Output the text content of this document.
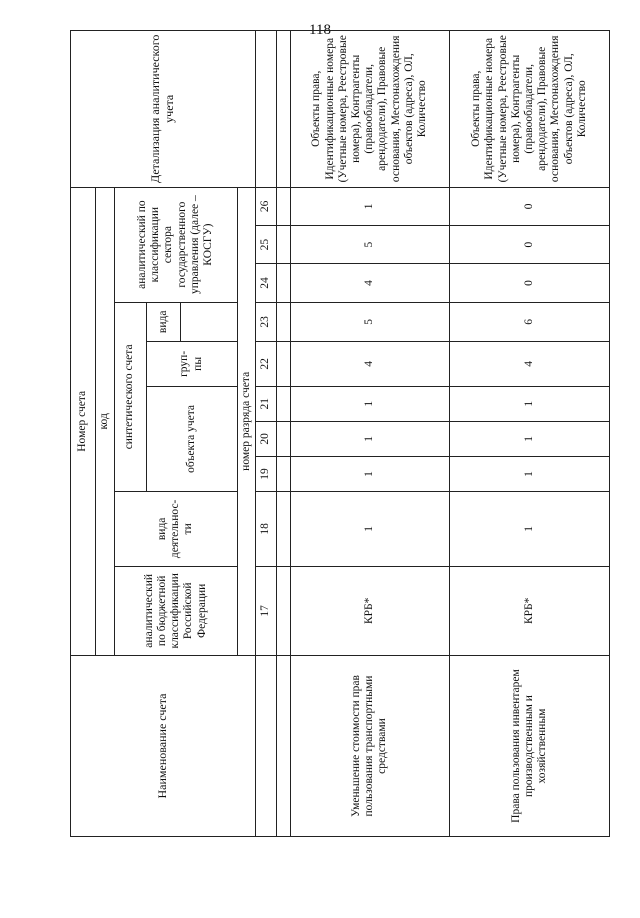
118
Наименование счета	Номер счета										Детализация аналитического учета
	код										
	аналитический по бюджетной классификации Российской Федерации	вида деятельнос-ти	синтетического счета					аналитический по классификации сектора государственного управления (далее – КОСГУ)			
			объекта учета			груп-пы	вида				

	номер разряда счета										
	17	18	19	20	21	22	23	24	25	26	

Уменьшение стоимости прав пользования транспортными средствами	КРБ*	1	1	1	1	4	5	4	5	1	Объекты права, Идентификационные номера (Учетные номера, Реестровые номера), Контрагенты (правообладатели, арендодатели), Правовые основания, Местонахождения объектов (адреса), ОЛ, Количество
Права пользования инвентарем производственным и хозяйственным	КРБ*	1	1	1	1	4	6	0	0	0	Объекты права, Идентификационные номера (Учетные номера, Реестровые номера), Контрагенты (правообладатели, арендодатели), Правовые основания, Местонахождения объектов (адреса), ОЛ, Количество
